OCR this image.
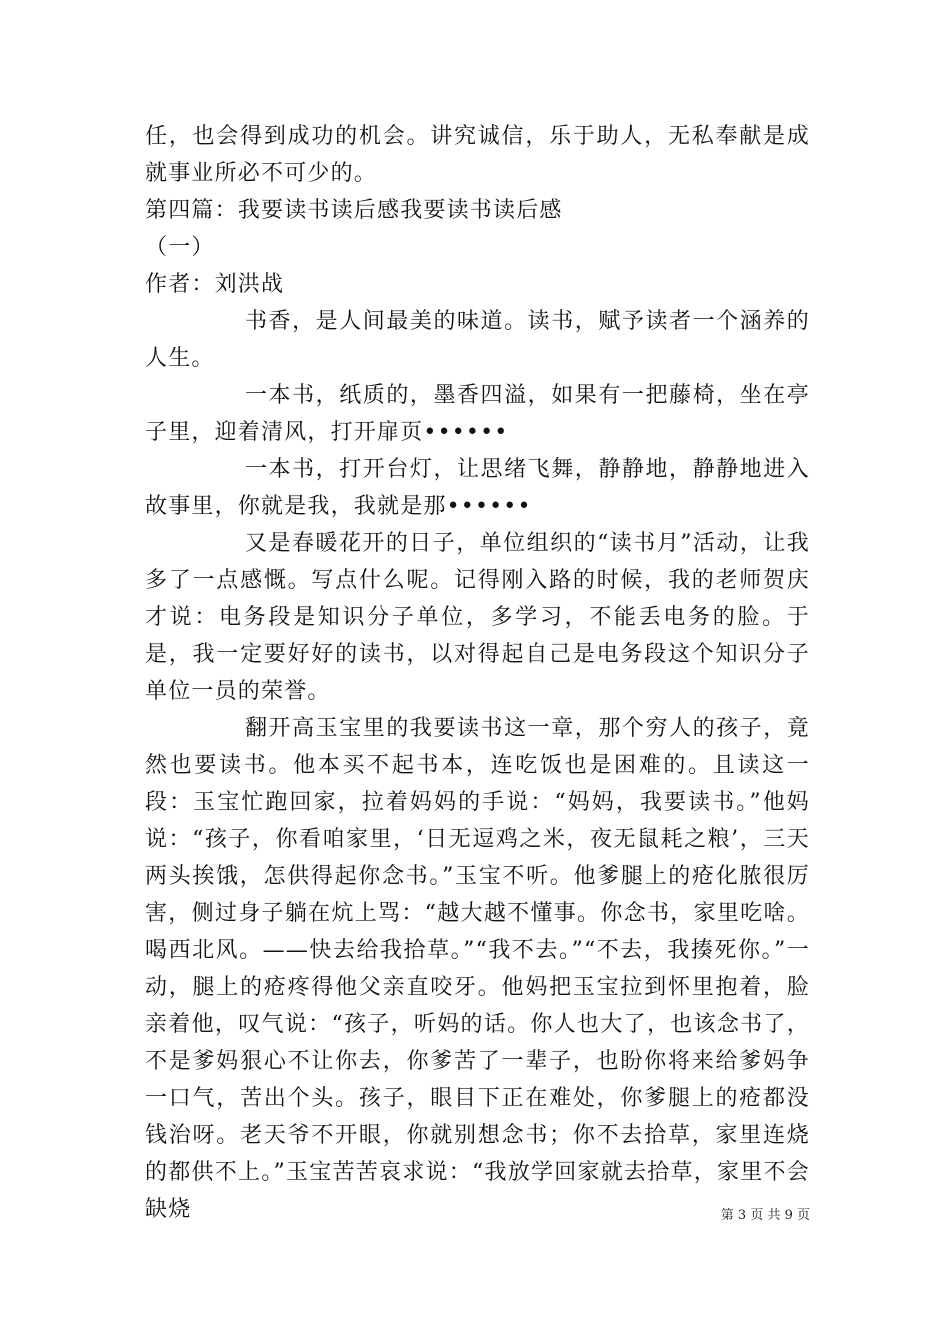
任，也会得到成功的机会。讲究诚信，乐于助人，无私奉献是成就事业所必不可少的。

第四篇：我要读书读后感我要读书读后感

（一）

作者：刘洪战

书香，是人间最美的味道。读书，赋予读者一个涵养的人生。

一本书，纸质的，墨香四溢，如果有一把藤椅，坐在亭子里，迎着清风，打开扉页••••••

一本书，打开台灯，让思绪飞舞，静静地，静静地进入故事里，你就是我，我就是那••••••

又是春暖花开的日子，单位组织的“读书月”活动，让我多了一点感慨。写点什么呢。记得刚入路的时候，我的老师贺庆才说：电务段是知识分子单位，多学习，不能丢电务的脸。于是，我一定要好好的读书，以对得起自己是电务段这个知识分子单位一员的荣誉。

翻开高玉宝里的我要读书这一章，那个穷人的孩子，竟然也要读书。他本买不起书本，连吃饭也是困难的。且读这一段：玉宝忙跑回家，拉着妈妈的手说：“妈妈，我要读书。”他妈说：“孩子，你看咱家里，‘日无逗鸡之米，夜无鼠耗之粮’，三天两头挨饿，怎供得起你念书。”玉宝不听。他爹腿上的疮化脓很厉害，侧过身子躺在炕上骂：“越大越不懂事。你念书，家里吃啥。喝西北风。——快去给我拾草。”“我不去。”“不去，我揍死你。”一动，腿上的疮疼得他父亲直咬牙。他妈把玉宝拉到怀里抱着，脸亲着他，叹气说：“孩子，听妈的话。你人也大了，也该念书了，不是爹妈狠心不让你去，你爹苦了一辈子，也盼你将来给爹妈争一口气，苦出个头。孩子，眼目下正在难处，你爹腿上的疮都没钱治呀。老天爷不开眼，你就别想念书；你不去拾草，家里连烧的都供不上。”玉宝苦苦哀求说：“我放学回家就去拾草，家里不会缺烧	第 3 页 共 9 页
